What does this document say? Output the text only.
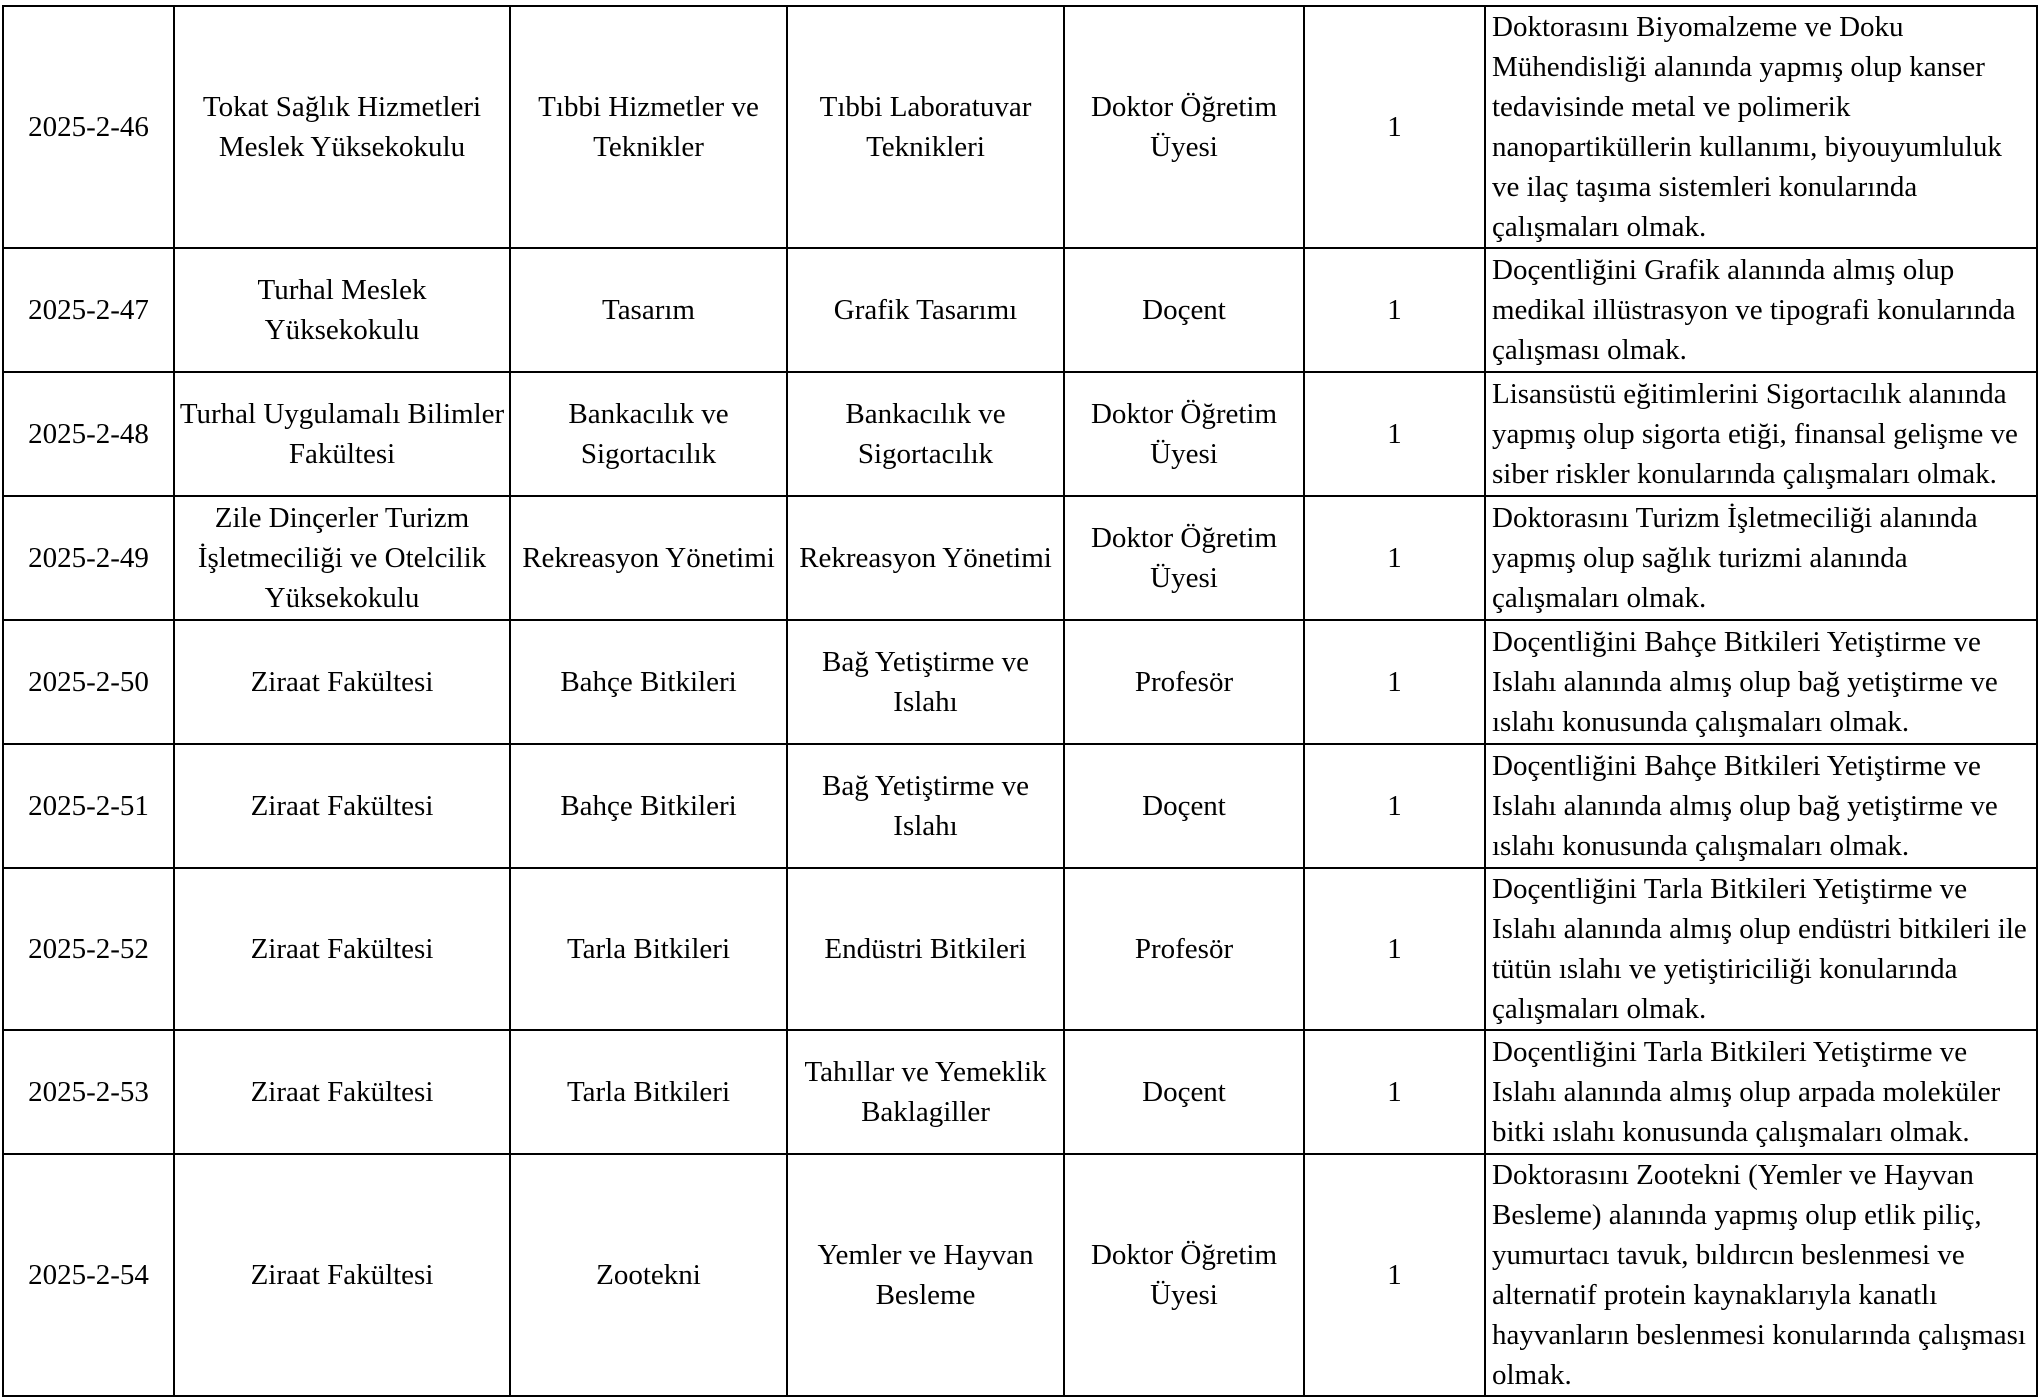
2025-2-46	Tokat Sağlık Hizmetleri Meslek Yüksekokulu	Tıbbi Hizmetler ve Teknikler	Tıbbi Laboratuvar Teknikleri	Doktor Öğretim Üyesi	1	Doktorasını Biyomalzeme ve Doku Mühendisliği alanında yapmış olup kanser tedavisinde metal ve polimerik nanopartiküllerin kullanımı, biyouyumluluk ve ilaç taşıma sistemleri konularında çalışmaları olmak.
2025-2-47	Turhal Meslek Yüksekokulu	Tasarım	Grafik Tasarımı	Doçent	1	Doçentliğini Grafik alanında almış olup medikal illüstrasyon ve tipografi konularında çalışması olmak.
2025-2-48	Turhal Uygulamalı Bilimler Fakültesi	Bankacılık ve Sigortacılık	Bankacılık ve Sigortacılık	Doktor Öğretim Üyesi	1	Lisansüstü eğitimlerini Sigortacılık alanında yapmış olup sigorta etiği, finansal gelişme ve siber riskler konularında çalışmaları olmak.
2025-2-49	Zile Dinçerler Turizm İşletmeciliği ve Otelcilik Yüksekokulu	Rekreasyon Yönetimi	Rekreasyon Yönetimi	Doktor Öğretim Üyesi	1	Doktorasını Turizm İşletmeciliği alanında yapmış olup sağlık turizmi alanında çalışmaları olmak.
2025-2-50	Ziraat Fakültesi	Bahçe Bitkileri	Bağ Yetiştirme ve Islahı	Profesör	1	Doçentliğini Bahçe Bitkileri Yetiştirme ve Islahı alanında almış olup bağ yetiştirme ve ıslahı konusunda çalışmaları olmak.
2025-2-51	Ziraat Fakültesi	Bahçe Bitkileri	Bağ Yetiştirme ve Islahı	Doçent	1	Doçentliğini Bahçe Bitkileri Yetiştirme ve Islahı alanında almış olup bağ yetiştirme ve ıslahı konusunda çalışmaları olmak.
2025-2-52	Ziraat Fakültesi	Tarla Bitkileri	Endüstri Bitkileri	Profesör	1	Doçentliğini Tarla Bitkileri Yetiştirme ve Islahı alanında almış olup endüstri bitkileri ile tütün ıslahı ve yetiştiriciliği konularında çalışmaları olmak.
2025-2-53	Ziraat Fakültesi	Tarla Bitkileri	Tahıllar ve Yemeklik Baklagiller	Doçent	1	Doçentliğini Tarla Bitkileri Yetiştirme ve Islahı alanında almış olup arpada moleküler bitki ıslahı konusunda çalışmaları olmak.
2025-2-54	Ziraat Fakültesi	Zootekni	Yemler ve Hayvan Besleme	Doktor Öğretim Üyesi	1	Doktorasını Zootekni (Yemler ve Hayvan Besleme) alanında yapmış olup etlik piliç, yumurtacı tavuk, bıldırcın beslenmesi ve alternatif protein kaynaklarıyla kanatlı hayvanların beslenmesi konularında çalışması olmak.
